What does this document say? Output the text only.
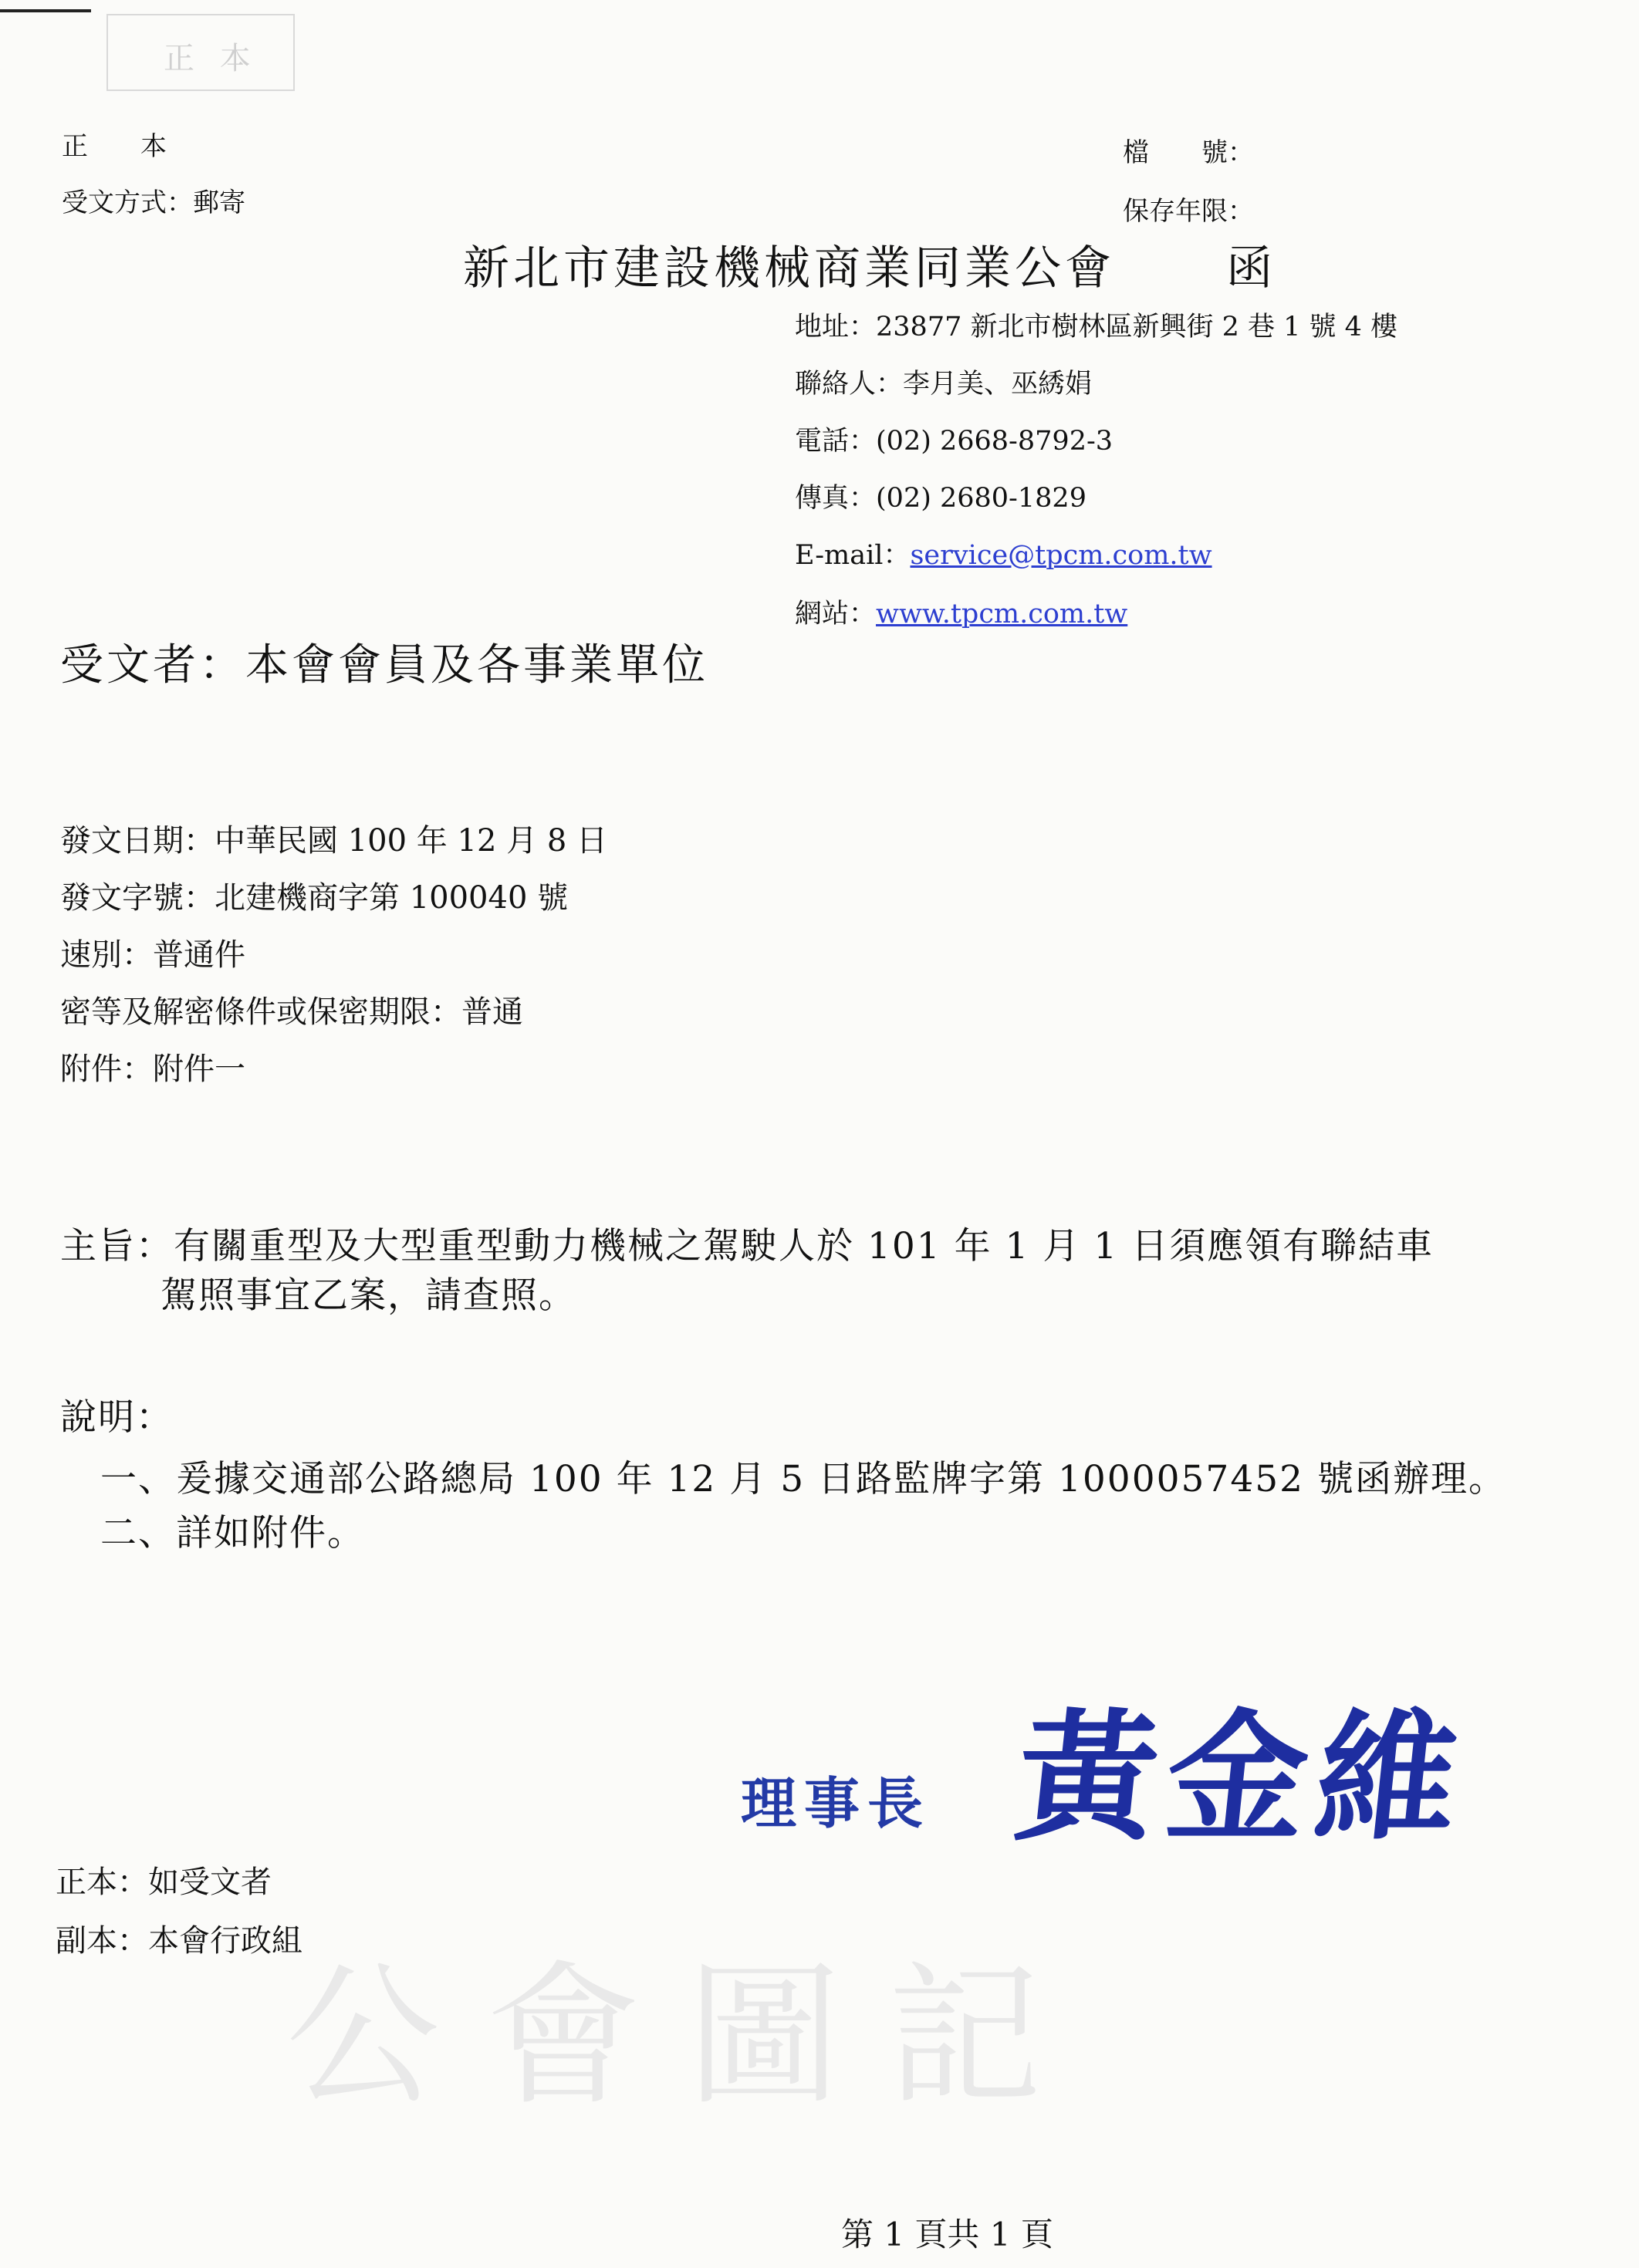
正 本
正　　本
受文方式：郵寄
檔　　號：
保存年限：
新北市建設機械商業同業公會 函
地址：23877 新北市樹林區新興街 2 巷 1 號 4 樓
聯絡人：李月美、巫綉娟
電話：(02) 2668-8792-3
傳真：(02) 2680-1829
E-mail：service@tpcm.com.tw
網站：www.tpcm.com.tw
受文者：本會會員及各事業單位
發文日期：中華民國 100 年 12 月 8 日
發文字號：北建機商字第 100040 號
速別：普通件
密等及解密條件或保密期限：普通
附件：附件一
主旨： 有關重型及大型重型動力機械之駕駛人於 101 年 1 月 1 日須應領有聯結車
駕照事宜乙案，請查照。
說明：
一、 爰據交通部公路總局 100 年 12 月 5 日路監牌字第 1000057452 號函辦理。
二、 詳如附件。
公會圖記
理事長 黃金維
正本：如受文者
副本：本會行政組
第 1 頁共 1 頁
